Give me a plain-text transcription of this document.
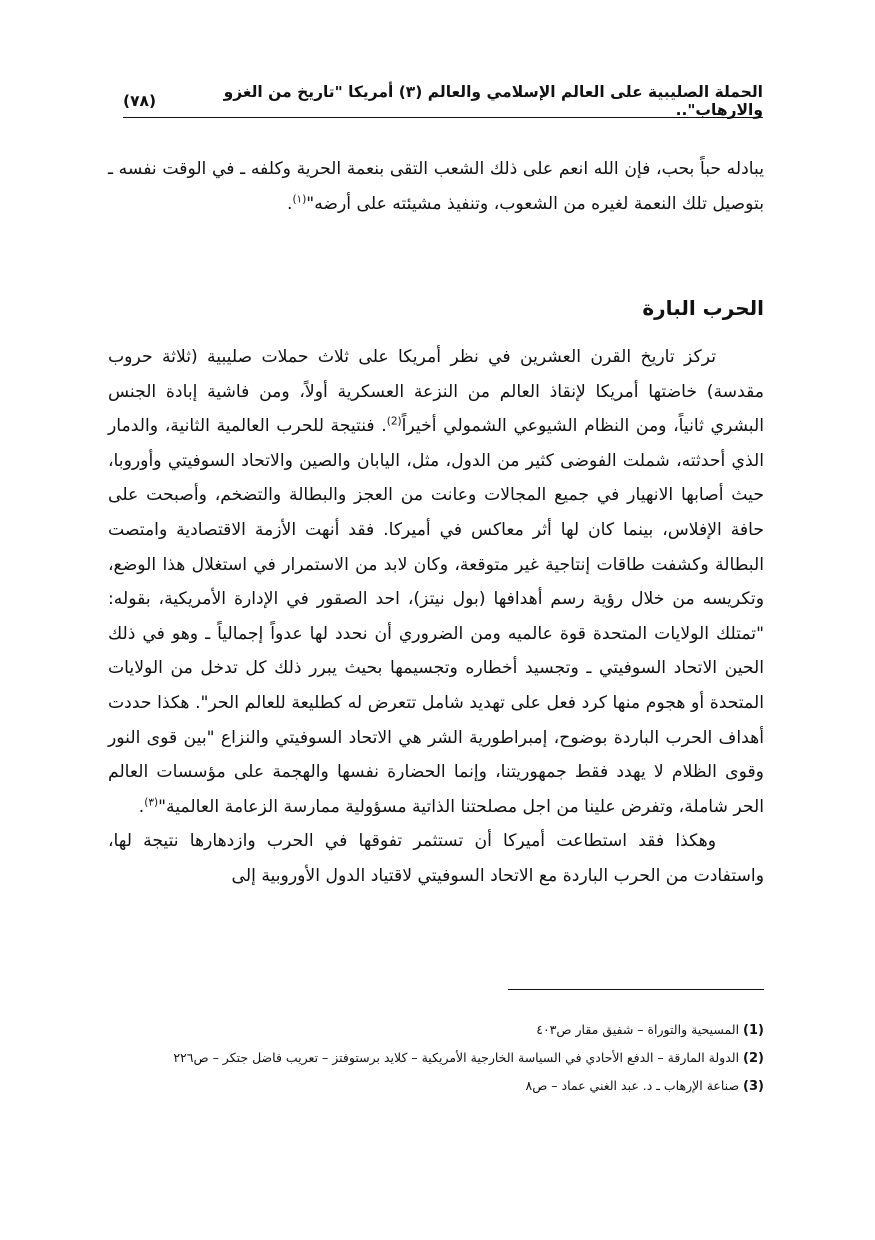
الحملة الصليبية على العالم الإسلامي والعالم (٣) أمريكا "تاريخ من الغزو والارهاب"..
(٧٨)

يبادله حباً بحب، فإن الله انعم على ذلك الشعب التقى بنعمة الحرية وكلفه ـ في الوقت نفسه ـ بتوصيل تلك النعمة لغيره من الشعوب، وتنفيذ مشيئته على أرضه"$^{(١)}$.

الحرب البارة

تركز تاريخ القرن العشرين في نظر أمريكا على ثلاث حملات صليبية (ثلاثة حروب مقدسة) خاضتها أمريكا لإنقاذ العالم من النزعة العسكرية أولاً، ومن فاشية إبادة الجنس البشري ثانياً، ومن النظام الشيوعي الشمولي أخيراً$^{(2)}$. فنتيجة للحرب العالمية الثانية، والدمار الذي أحدثته، شملت الفوضى كثير من الدول، مثل، اليابان والصين والاتحاد السوفيتي وأوروبا، حيث أصابها الانهيار في جميع المجالات وعانت من العجز والبطالة والتضخم، وأصبحت على حافة الإفلاس، بينما كان لها أثر معاكس في أميركا. فقد أنهت الأزمة الاقتصادية وامتصت البطالة وكشفت طاقات إنتاجية غير متوقعة، وكان لابد من الاستمرار في استغلال هذا الوضع، وتكريسه من خلال رؤية رسم أهدافها (بول نيتز)، احد الصقور في الإدارة الأمريكية، بقوله: "تمتلك الولايات المتحدة قوة عالميه ومن الضروري أن نحدد لها عدواً إجمالياً ـ وهو في ذلك الحين الاتحاد السوفيتي ـ وتجسيد أخطاره وتجسيمها بحيث يبرر ذلك كل تدخل من الولايات المتحدة أو هجوم منها كرد فعل على تهديد شامل تتعرض له كطليعة للعالم الحر". هكذا حددت أهداف الحرب الباردة بوضوح، إمبراطورية الشر هي الاتحاد السوفيتي والنزاع "بين قوى النور وقوى الظلام لا يهدد فقط جمهوريتنا، وإنما الحضارة نفسها والهجمة على مؤسسات العالم الحر شاملة، وتفرض علينا من اجل مصلحتنا الذاتية مسؤولية ممارسة الزعامة العالمية"$^{(٣)}$.

وهكذا فقد استطاعت أميركا أن تستثمر تفوقها في الحرب وازدهارها نتيجة لها، واستفادت من الحرب الباردة مع الاتحاد السوفيتي لاقتياد الدول الأوروبية إلى

(1) المسيحية والتوراة – شفيق مقار ص٤٠٣

(2) الدولة المارقة – الدفع الأحادي في السياسة الخارجية الأمريكية – كلايد برستوفتز – تعريب فاضل جتكر – ص٢٢٦

(3) صناعة الإرهاب ـ د. عبد الغني عماد – ص٨
